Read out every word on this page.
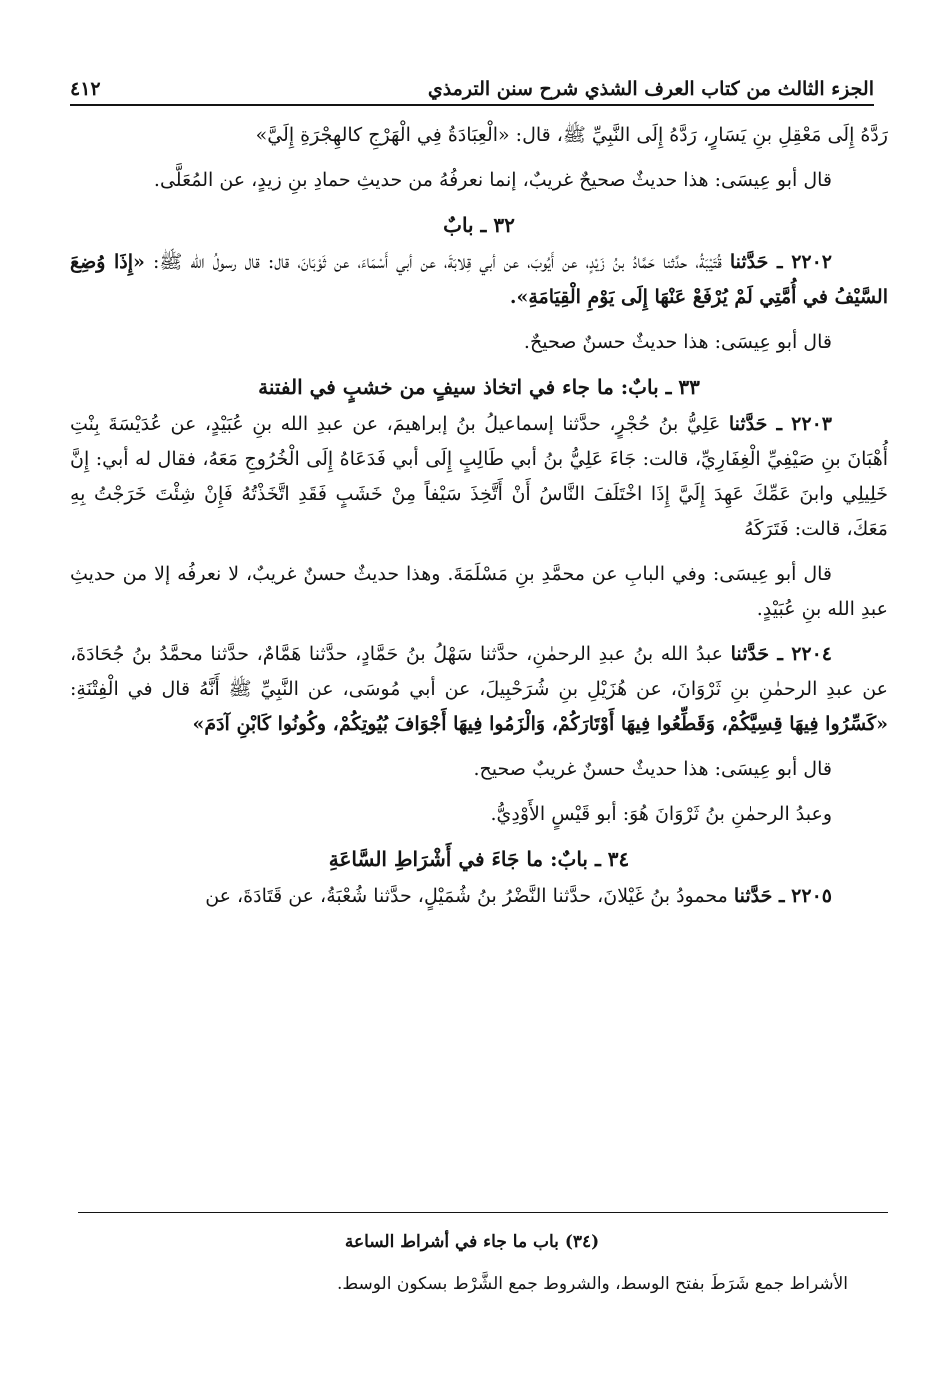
الجزء الثالث من كتاب العرف الشذي شرح سنن الترمذي
٤١٢

رَدَّهُ إِلَى مَعْقِلِ بنِ يَسَارٍ، رَدَّهُ إِلَى النَّبِيِّ ﷺ، قال: «الْعِبَادَةُ فِي الْهَرْجِ كالهِجْرَةِ إِلَيَّ»

قال أبو عِيسَى: هذا حديثٌ صحيحٌ غريبٌ، إنما نعرفُهُ من حديثِ حمادِ بنِ زيدٍ، عن المُعَلَّى.

٣٢ ـ بابٌ

٢٢٠٢ ـ حَدَّثنا قُتَيْبَةُ، حدَّثنا حَمَّادُ بنُ زَيْدٍ، عن أَيُوبَ، عن أبي قِلابَةَ، عن أبي أَسْمَاءَ، عن ثَوْبَانَ، قال: قال رسولُ الله ﷺ: «إِذَا وُضِعَ السَّيْفُ في أُمَّتِي لَمْ يُرْفَعْ عَنْهَا إِلَى يَوْمِ الْقِيَامَةِ».

قال أبو عِيسَى: هذا حديثٌ حسنٌ صحيحٌ.

٣٣ ـ بابٌ: ما جاء في اتخاذ سيفٍ من خشبٍ في الفتنة

٢٢٠٣ ـ حَدَّثنا عَلِيُّ بنُ حُجْرٍ، حدَّثنا إسماعيلُ بنُ إبراهيمَ، عن عبدِ الله بنِ عُبَيْدٍ، عن عُدَيْسَةَ بِنْتِ أُهْبَانَ بنِ صَيْفِيِّ الْغِفَارِيِّ، قالت: جَاءَ عَلِيُّ بنُ أبي طَالِبٍ إِلَى أبي فَدَعَاهُ إِلَى الْخُرُوجِ مَعَهُ، فقال له أبي: إِنَّ خَلِيلِي وابنَ عَمِّكَ عَهِدَ إِلَيَّ إِذَا اخْتَلَفَ النَّاسُ أَنْ أَتَّخِذَ سَيْفاً مِنْ خَشَبٍ فَقَدِ اتَّخَذْتُهُ فَإِنْ شِئْتَ خَرَجْتُ بِهِ مَعَكَ، قالت: فَتَرَكَهُ

قال أبو عِيسَى: وفي البابِ عن محمَّدِ بنِ مَسْلَمَةَ. وهذا حديثٌ حسنٌ غريبٌ، لا نعرفُه إلا من حديثِ عبدِ الله بنِ عُبَيْدٍ.

٢٢٠٤ ـ حَدَّثنا عبدُ الله بنُ عبدِ الرحمٰنِ، حدَّثنا سَهْلُ بنُ حَمَّادٍ، حدَّثنا هَمَّامٌ، حدَّثنا محمَّدُ بنُ جُحَادَةَ، عن عبدِ الرحمٰنِ بنِ ثَرْوَانَ، عن هُزَيْلِ بنِ شُرَحْبِيلَ، عن أبي مُوسَى، عن النَّبِيِّ ﷺ أَنَّهُ قال في الْفِتْنَةِ: «كَسِّرُوا فِيهَا قِسِيَّكُمْ، وَقَطِّعُوا فِيهَا أَوْتَارَكُمْ، وَالْزَمُوا فِيهَا أَجْوَافَ بُيُوتِكُمْ، وكُونُوا كَابْنِ آدَمَ»

قال أبو عِيسَى: هذا حديثٌ حسنٌ غريبٌ صحيح.

وعبدُ الرحمٰنِ بنُ ثَرْوَانَ هُوَ: أبو قَيْسٍ الأَوْدِيُّ.

٣٤ ـ بابٌ: ما جَاءَ في أَشْرَاطِ السَّاعَةِ

٢٢٠٥ ـ حَدَّثنا محمودُ بنُ غَيْلانَ، حدَّثنا النَّضْرُ بنُ شُمَيْلٍ، حدَّثنا شُعْبَةُ، عن قَتَادَةَ، عن

(٣٤) باب ما جاء في أشراط الساعة

الأشراط جمع شَرَطَ بفتح الوسط، والشروط جمع الشَّرْط بسكون الوسط.
